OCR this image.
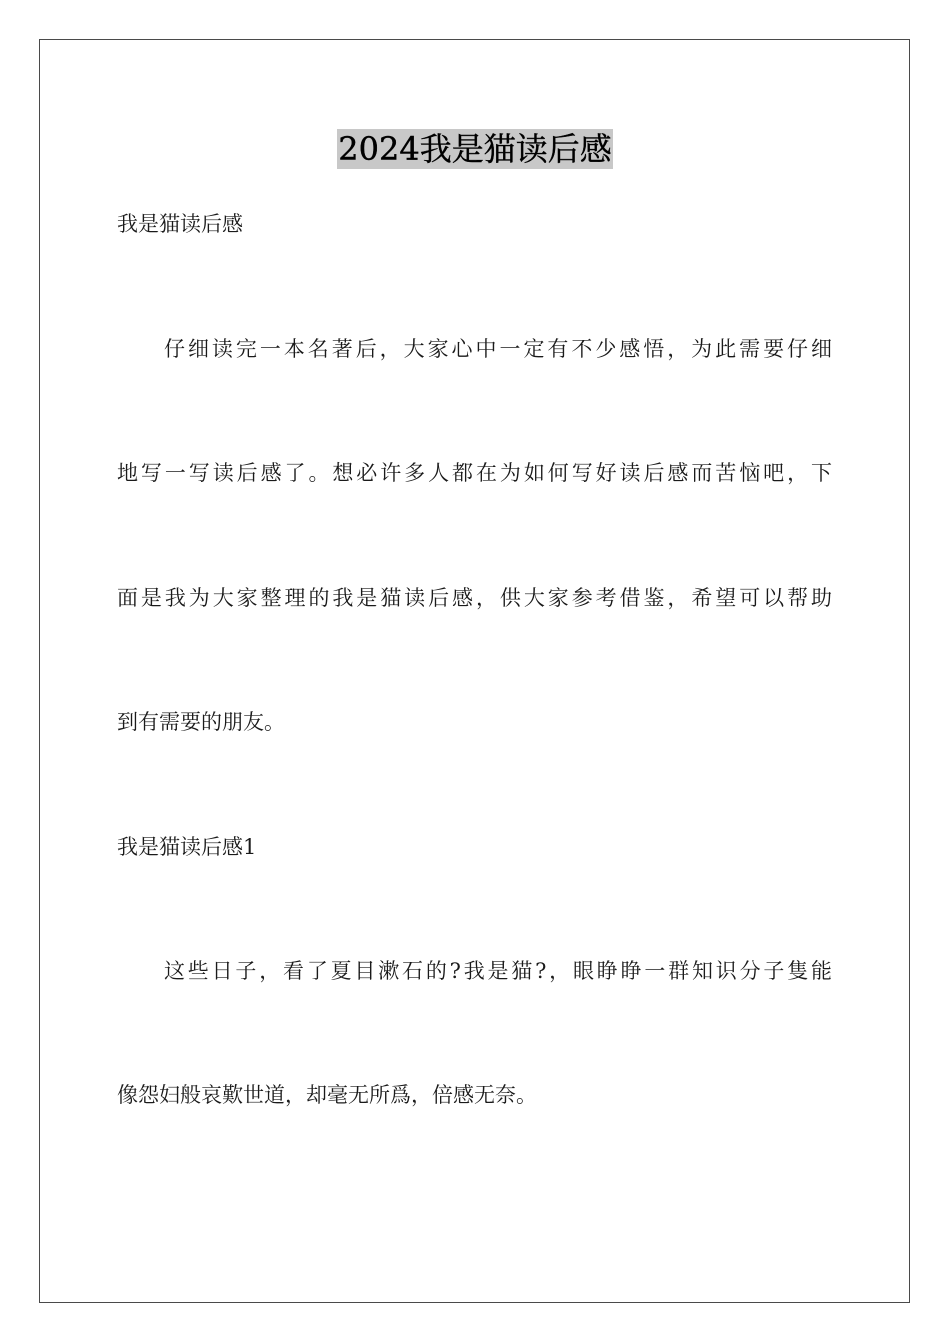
2024我是猫读后感

我是猫读后感

仔细读完一本名著后，大家心中一定有不少感悟，为此需要仔细

地写一写读后感了。想必许多人都在为如何写好读后感而苦恼吧，下

面是我为大家整理的我是猫读后感，供大家参考借鉴，希望可以帮助

到有需要的朋友。

我是猫读后感1

这些日子，看了夏目漱石的?我是猫?，眼睁睁一群知识分子隻能

像怨妇般哀歎世道，却毫无所爲，倍感无奈。
